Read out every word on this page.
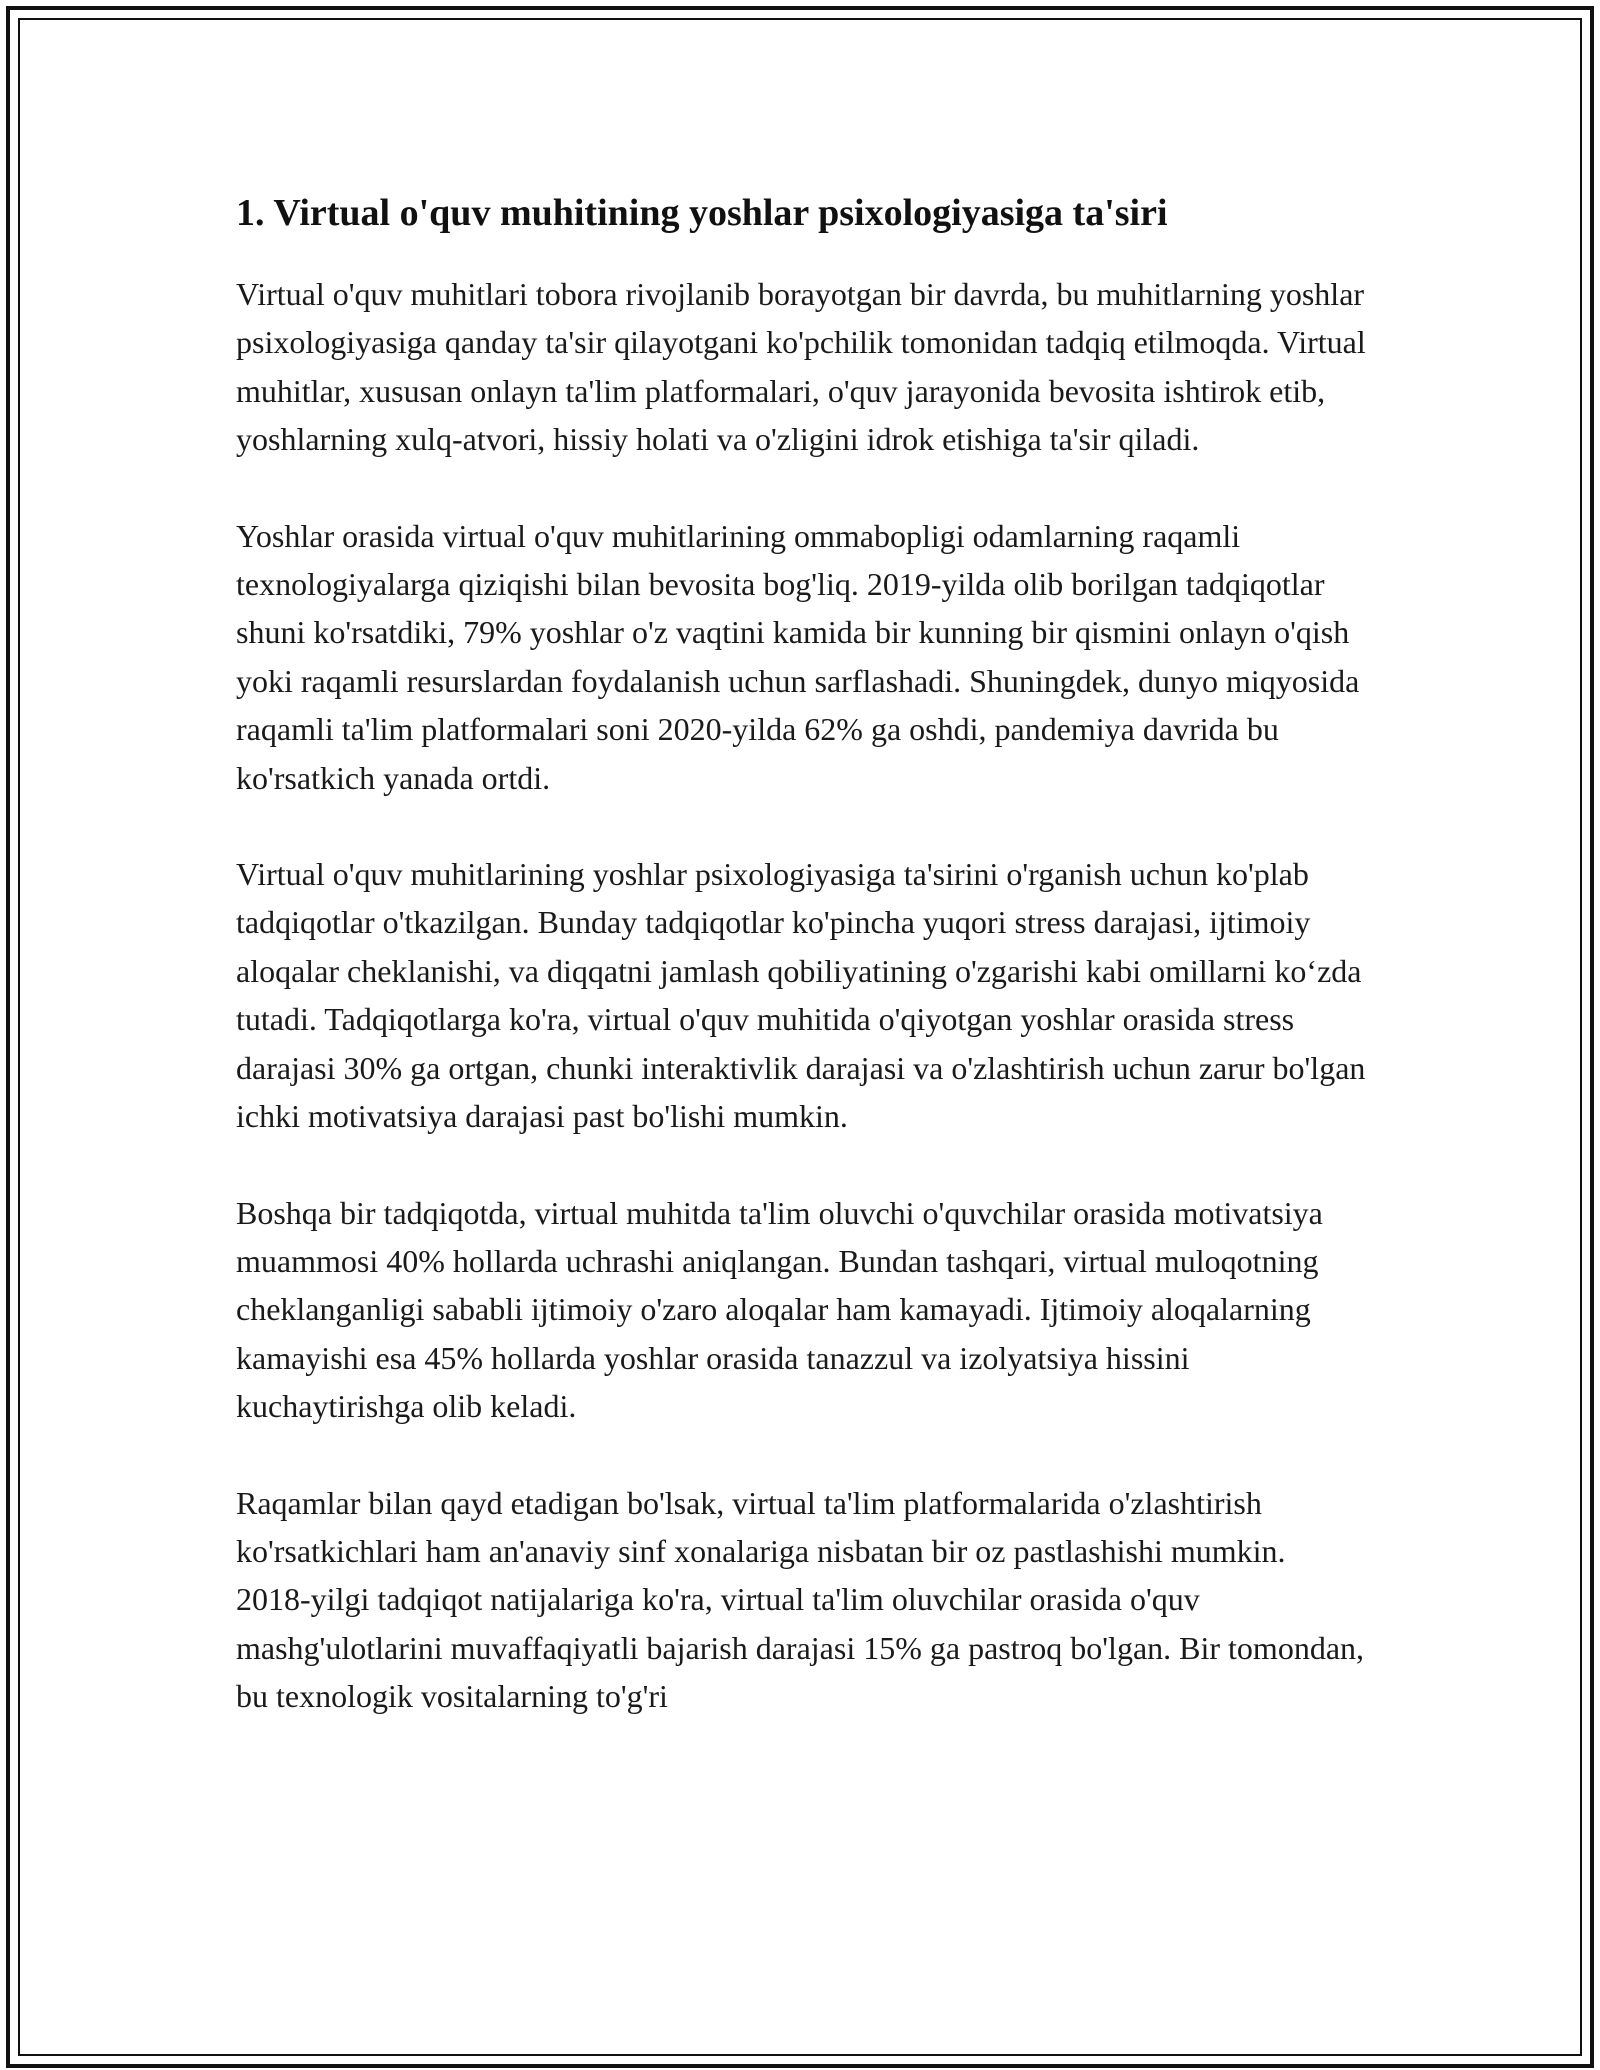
1. Virtual o'quv muhitining yoshlar psixologiyasiga ta'siri

Virtual o'quv muhitlari tobora rivojlanib borayotgan bir davrda, bu muhitlarning yoshlar psixologiyasiga qanday ta'sir qilayotgani ko'pchilik tomonidan tadqiq etilmoqda. Virtual muhitlar, xususan onlayn ta'lim platformalari, o'quv jarayonida bevosita ishtirok etib, yoshlarning xulq-atvori, hissiy holati va o'zligini idrok etishiga ta'sir qiladi.

Yoshlar orasida virtual o'quv muhitlarining ommabopligi odamlarning raqamli texnologiyalarga qiziqishi bilan bevosita bog'liq. 2019-yilda olib borilgan tadqiqotlar shuni ko'rsatdiki, 79% yoshlar o'z vaqtini kamida bir kunning bir qismini onlayn o'qish yoki raqamli resurslardan foydalanish uchun sarflashadi. Shuningdek, dunyo miqyosida raqamli ta'lim platformalari soni 2020-yilda 62% ga oshdi, pandemiya davrida bu ko'rsatkich yanada ortdi.

Virtual o'quv muhitlarining yoshlar psixologiyasiga ta'sirini o'rganish uchun ko'plab tadqiqotlar o'tkazilgan. Bunday tadqiqotlar ko'pincha yuqori stress darajasi, ijtimoiy aloqalar cheklanishi, va diqqatni jamlash qobiliyatining o'zgarishi kabi omillarni ko‘zda tutadi. Tadqiqotlarga ko'ra, virtual o'quv muhitida o'qiyotgan yoshlar orasida stress darajasi 30% ga ortgan, chunki interaktivlik darajasi va o'zlashtirish uchun zarur bo'lgan ichki motivatsiya darajasi past bo'lishi mumkin.

Boshqa bir tadqiqotda, virtual muhitda ta'lim oluvchi o'quvchilar orasida motivatsiya muammosi 40% hollarda uchrashi aniqlangan. Bundan tashqari, virtual muloqotning cheklanganligi sababli ijtimoiy o'zaro aloqalar ham kamayadi. Ijtimoiy aloqalarning kamayishi esa 45% hollarda yoshlar orasida tanazzul va izolyatsiya hissini kuchaytirishga olib keladi.

Raqamlar bilan qayd etadigan bo'lsak, virtual ta'lim platformalarida o'zlashtirish ko'rsatkichlari ham an'anaviy sinf xonalariga nisbatan bir oz pastlashishi mumkin. 2018-yilgi tadqiqot natijalariga ko'ra, virtual ta'lim oluvchilar orasida o'quv mashg'ulotlarini muvaffaqiyatli bajarish darajasi 15% ga pastroq bo'lgan. Bir tomondan, bu texnologik vositalarning to'g'ri
